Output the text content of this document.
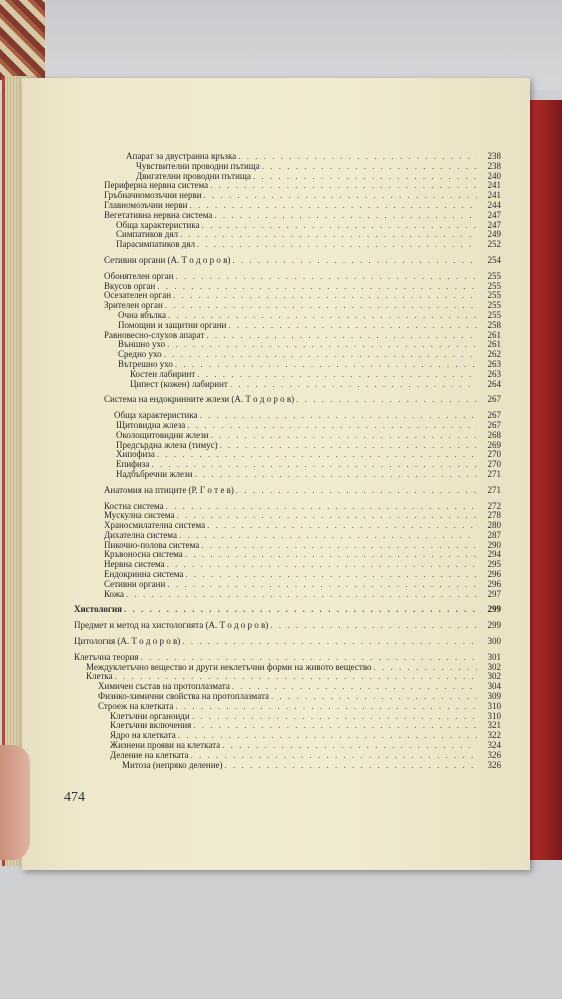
Апарат за двустранна връзка . . .	238
Чувствителни проводни пътища . . .	238
Двигателни проводни пътища . . .	240
Периферна нервна система . . .	241
Гръбначномозъчни нерви . . .	241
Главномозъчни нерви . . .	244
Вегетативна нервна система . . .	247
Обща характеристика . . .	247
Симпатиков дял . . .	249
Парасимпатиков дял . . .	252
Сетивни органи (А. Т о д о р о в) . . .	254
Обонятелен орган . . .	255
Вкусов орган . . .	255
Осезателен орган . . .	255
Зрителен орган . . .	255
Очна ябълка . . .	255
Помощни и защитни органи . . .	258
Равновесно-слухов апарат . . .	261
Външно ухо . . .	261
Средно ухо . . .	262
Вътрешно ухо . . .	263
Костен лабиринт . . .	263
Ципест (кожен) лабиринт . . .	264
Система на ендокринните жлези (А. Т о д о р о в) . . .	267
Обща характеристика . . .	267
Щитовидна жлеза . . .	267
Околощитовидни жлези . . .	268
Предсърдна жлеза (тимус) . . .	269
Хипофиза . . .	270
Епифиза . . .	270
Надбъбречни жлези . . .	271
Анатомия на птиците (Р. Г о т е в) . . .	271
Костна система . . .	272
Мускулна система . . .	278
Храносмилателна система . . .	280
Дихателна система . . .	287
Пикочно-полова система . . .	290
Кръвоносна система . . .	294
Нервна система . . .	295
Ендокринна система . . .	296
Сетивни органи . . .	296
Кожа . . .	297
Хистология . . .	299
Предмет и метод на хистологията (А. Т о д о р о в) . . .	299
Цитология (А. Т о д о р о в) . . .	300
Клетъчна теория . . .	301
Междуклетъчно вещество и други неклетъчни форми на живото вещество . . .	302
Клетка . . .	302
Химичен състав на протоплазмата . . .	304
Физико-химични свойства на протоплазмата . . .	309
Строеж на клетката . . .	310
Клетъчни органоиди . . .	310
Клетъчни включения . . .	321
Ядро на клетката . . .	322
Жизнени прояви на клетката . . .	324
Деление на клетката . . .	326
Митоза (непряко деление) . . .	326
474
